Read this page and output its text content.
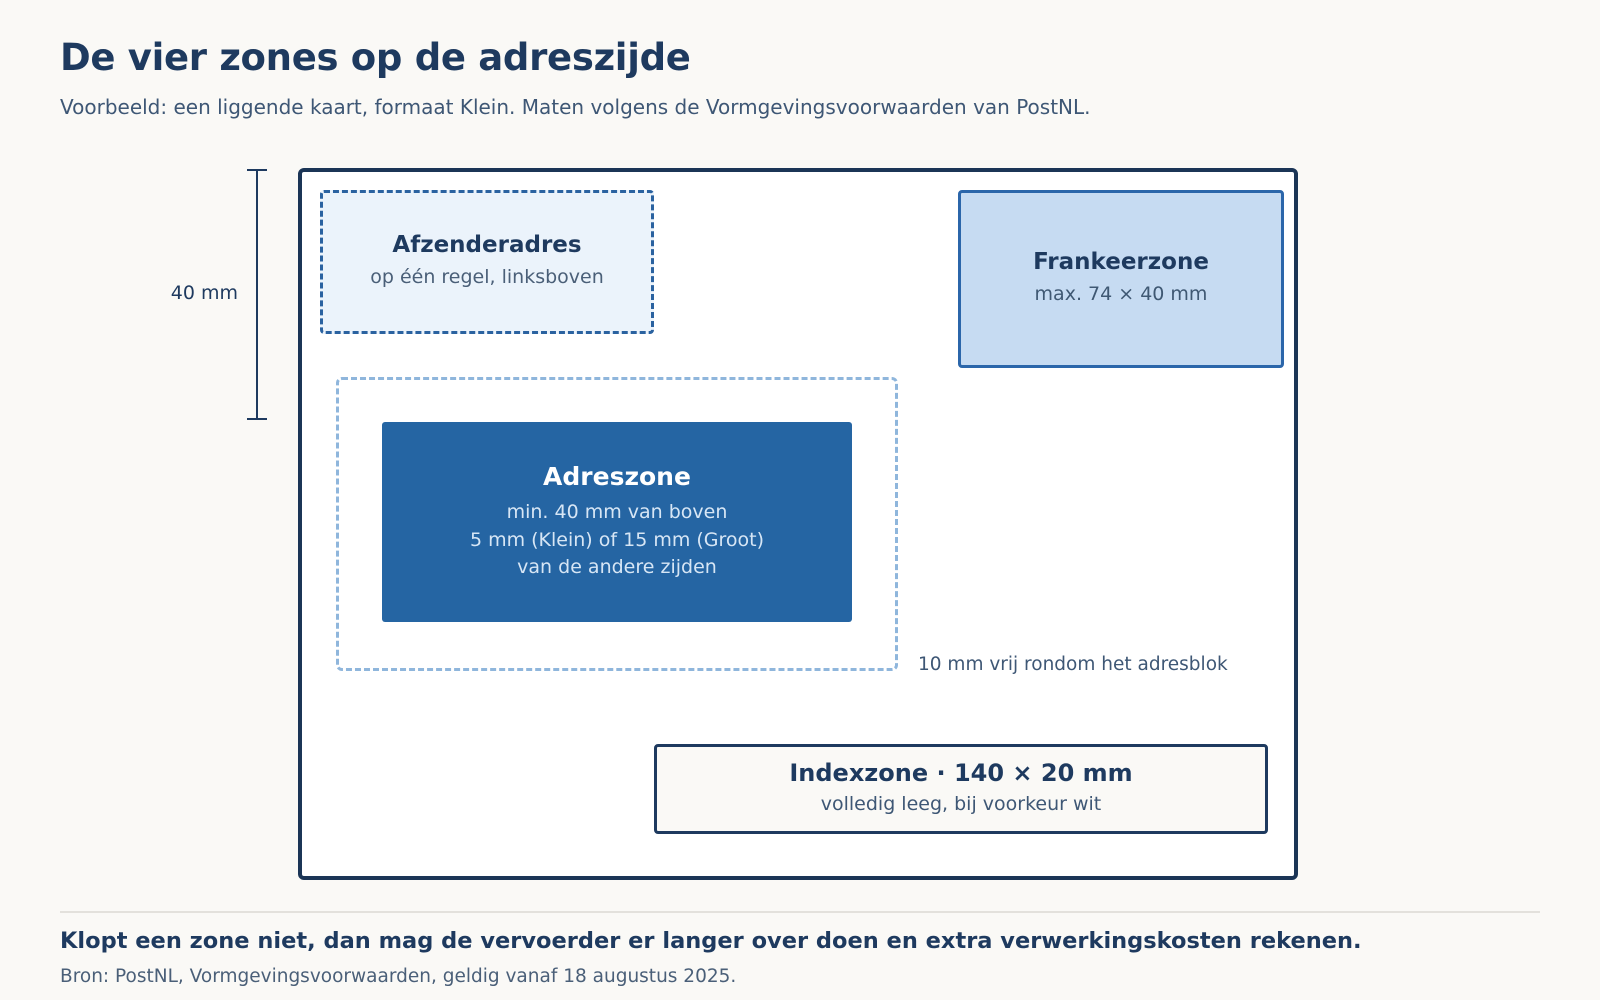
De vier zones op de adreszijde
Voorbeeld: een liggende kaart, formaat Klein. Maten volgens de Vormgevingsvoorwaarden van PostNL.
40 mm
Afzenderadres
op één regel, linksboven
Frankeerzone
max. 74 × 40 mm
Adreszone
min. 40 mm van boven
5 mm (Klein) of 15 mm (Groot)
van de andere zijden
10 mm vrij rondom het adresblok
Indexzone · 140 × 20 mm
volledig leeg, bij voorkeur wit
Klopt een zone niet, dan mag de vervoerder er langer over doen en extra verwerkingskosten rekenen.
Bron: PostNL, Vormgevingsvoorwaarden, geldig vanaf 18 augustus 2025.
